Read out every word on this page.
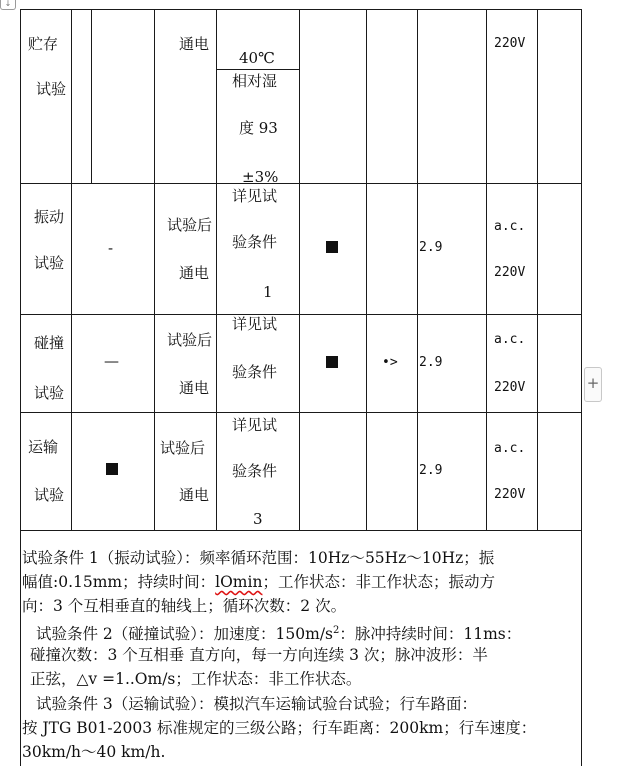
↓
+
贮存
试验
通电
40℃
相对湿
度 93
±3%
220V
振动
试验
-
试验后
通电
详见试
验条件
1
2.9
a.c.
220V
碰撞
试验
—
试验后
通电
详见试
验条件
•> 2.9
a.c.
220V
运输
试验
试验后
通电
详见试
验条件
3
2.9
a.c.
220V
试验条件 1（振动试验）：频率循环范围：10Hz〜55Hz〜10Hz；振
幅值:0.15mm；持续时间：lOmin；工作状态：非工作状态；振动方
向：3 个互相垂直的轴线上；循环次数：2 次。
试验条件 2（碰撞试验）：加速度：$150m/s^2$：脉冲持续时间：11ms：
碰撞次数：3 个互相垂 直方向，每一方向连续 3 次；脉冲波形：半
正弦，△v =1..Om/s；工作状态：非工作状态。
试验条件 3（运输试验）：模拟汽车运输试验台试验；行车路面：
按 JTG B01-2003 标准规定的三级公路；行车距离：200km；行车速度：
30km/h〜40 km/h.
